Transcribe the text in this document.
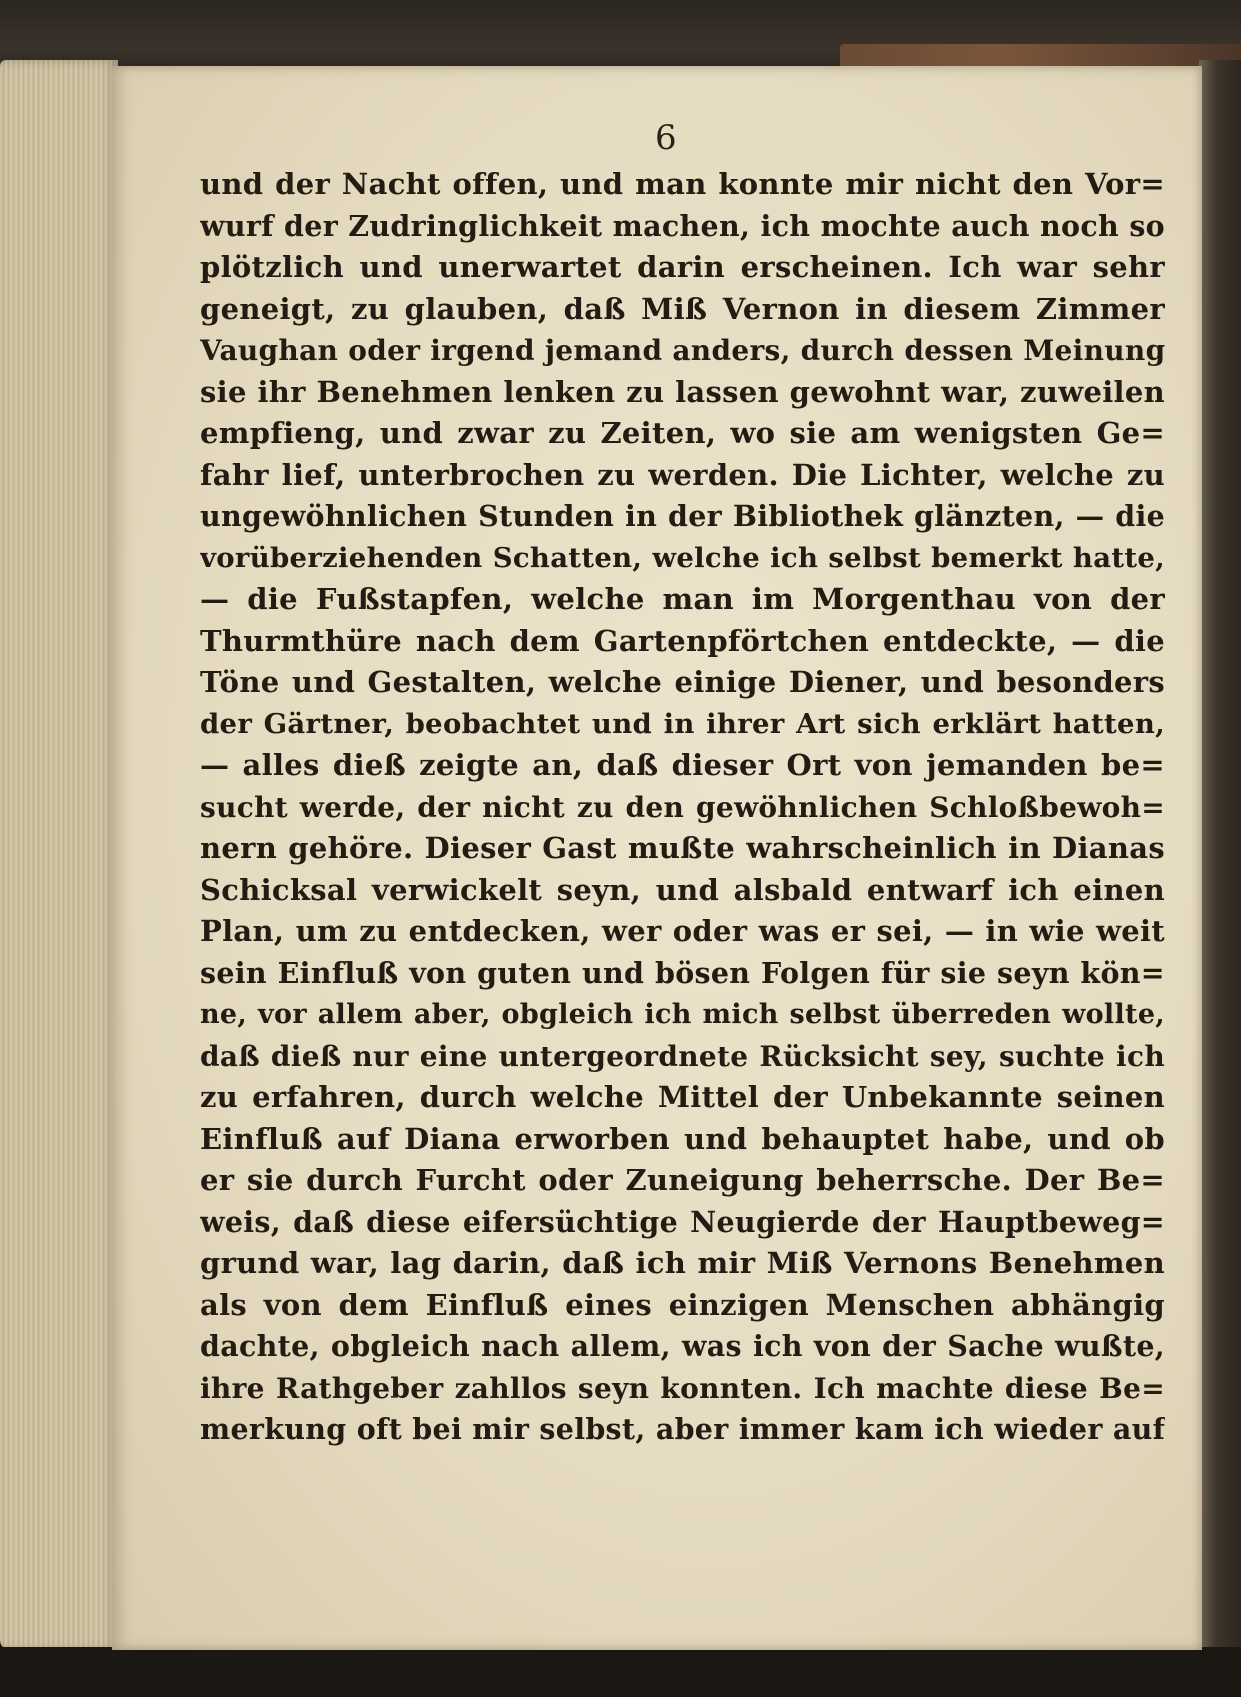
6
und der Nacht offen, und man konnte mir nicht den Vor=
wurf der Zudringlichkeit machen, ich mochte auch noch so
plötzlich und unerwartet darin erscheinen. Ich war sehr
geneigt, zu glauben, daß Miß Vernon in diesem Zimmer
Vaughan oder irgend jemand anders, durch dessen Meinung
sie ihr Benehmen lenken zu lassen gewohnt war, zuweilen
empfieng, und zwar zu Zeiten, wo sie am wenigsten Ge=
fahr lief, unterbrochen zu werden. Die Lichter, welche zu
ungewöhnlichen Stunden in der Bibliothek glänzten, — die
vorüberziehenden Schatten, welche ich selbst bemerkt hatte,
— die Fußstapfen, welche man im Morgenthau von der
Thurmthüre nach dem Gartenpförtchen entdeckte, — die
Töne und Gestalten, welche einige Diener, und besonders
der Gärtner, beobachtet und in ihrer Art sich erklärt hatten,
— alles dieß zeigte an, daß dieser Ort von jemanden be=
sucht werde, der nicht zu den gewöhnlichen Schloßbewoh=
nern gehöre. Dieser Gast mußte wahrscheinlich in Dianas
Schicksal verwickelt seyn, und alsbald entwarf ich einen
Plan, um zu entdecken, wer oder was er sei, — in wie weit
sein Einfluß von guten und bösen Folgen für sie seyn kön=
ne, vor allem aber, obgleich ich mich selbst überreden wollte,
daß dieß nur eine untergeordnete Rücksicht sey, suchte ich
zu erfahren, durch welche Mittel der Unbekannte seinen
Einfluß auf Diana erworben und behauptet habe, und ob
er sie durch Furcht oder Zuneigung beherrsche. Der Be=
weis, daß diese eifersüchtige Neugierde der Hauptbeweg=
grund war, lag darin, daß ich mir Miß Vernons Benehmen
als von dem Einfluß eines einzigen Menschen abhängig
dachte, obgleich nach allem, was ich von der Sache wußte,
ihre Rathgeber zahllos seyn konnten. Ich machte diese Be=
merkung oft bei mir selbst, aber immer kam ich wieder auf
